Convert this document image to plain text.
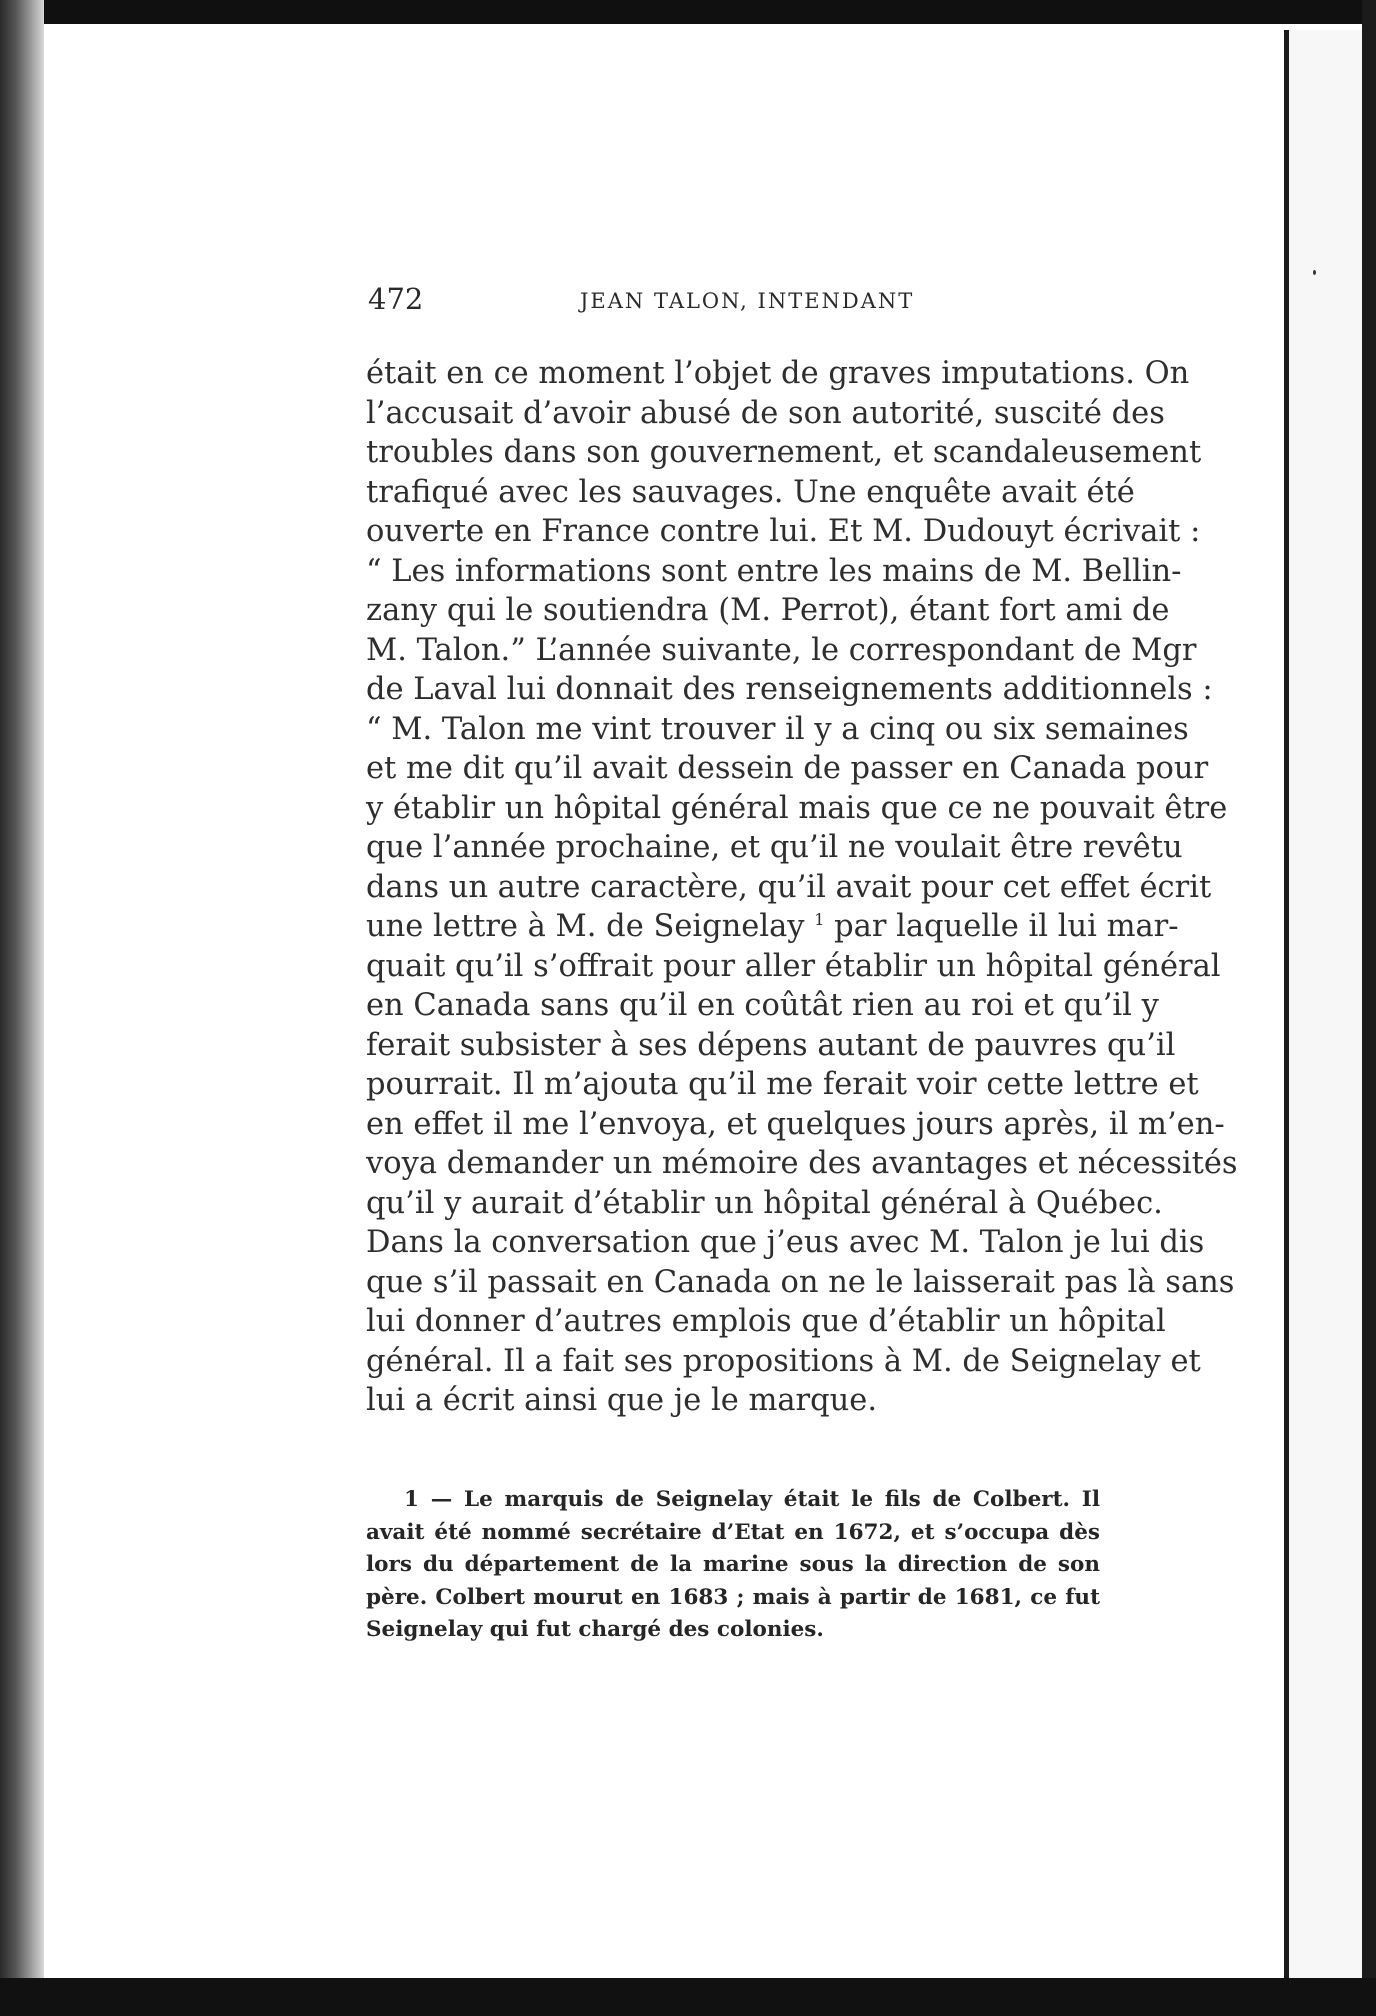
472	JEAN TALON, INTENDANT
était en ce moment l’objet de graves imputations. On
l’accusait d’avoir abusé de son autorité, suscité des
troubles dans son gouvernement, et scandaleusement
trafiqué avec les sauvages. Une enquête avait été
ouverte en France contre lui. Et M. Dudouyt écrivait :
“ Les informations sont entre les mains de M. Bellin-
zany qui le soutiendra (M. Perrot), étant fort ami de
M. Talon.” L’année suivante, le correspondant de Mgr
de Laval lui donnait des renseignements additionnels :
“ M. Talon me vint trouver il y a cinq ou six semaines
et me dit qu’il avait dessein de passer en Canada pour
y établir un hôpital général mais que ce ne pouvait être
que l’année prochaine, et qu’il ne voulait être revêtu
dans un autre caractère, qu’il avait pour cet effet écrit
une lettre à M. de Seignelay $^1$ par laquelle il lui mar-
quait qu’il s’offrait pour aller établir un hôpital général
en Canada sans qu’il en coûtât rien au roi et qu’il y
ferait subsister à ses dépens autant de pauvres qu’il
pourrait. Il m’ajouta qu’il me ferait voir cette lettre et
en effet il me l’envoya, et quelques jours après, il m’en-
voya demander un mémoire des avantages et nécessités
qu’il y aurait d’établir un hôpital général à Québec.
Dans la conversation que j’eus avec M. Talon je lui dis
que s’il passait en Canada on ne le laisserait pas là sans
lui donner d’autres emplois que d’établir un hôpital
général. Il a fait ses propositions à M. de Seignelay et
lui a écrit ainsi que je le marque.
1 — Le marquis de Seignelay était le fils de Colbert. Il
avait été nommé secrétaire d’Etat en 1672, et s’occupa dès
lors du département de la marine sous la direction de son
père. Colbert mourut en 1683 ; mais à partir de 1681, ce fut
Seignelay qui fut chargé des colonies.
